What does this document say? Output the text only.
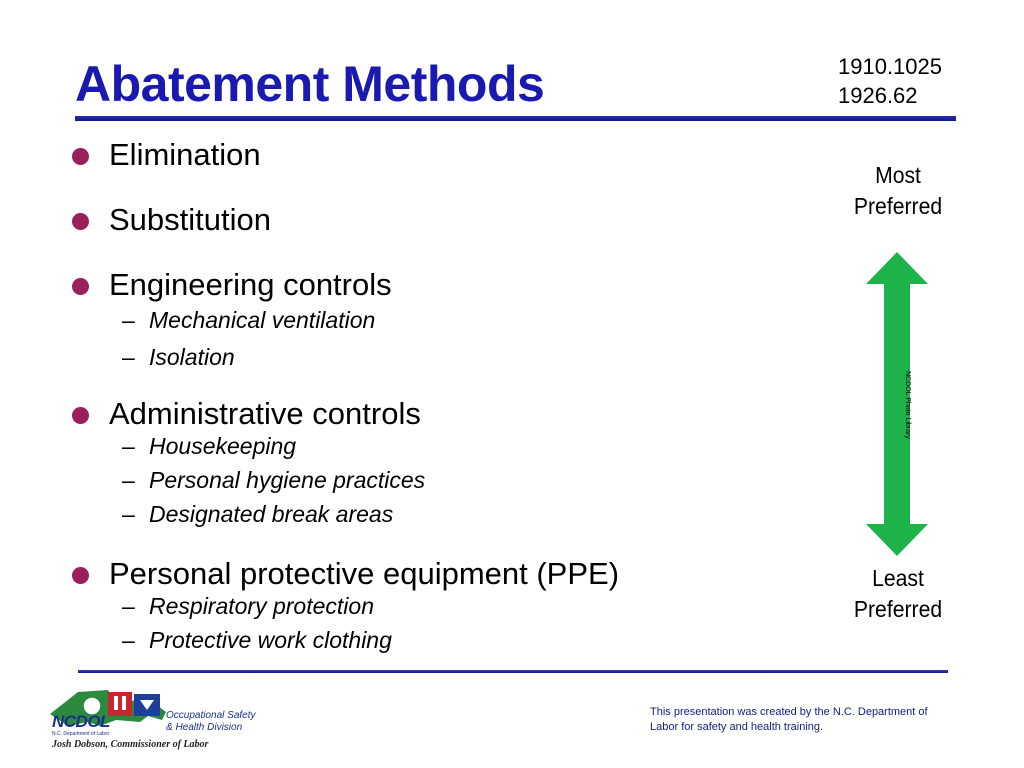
Abatement Methods	1910.1025
1926.62
Elimination
Substitution
Engineering controls
– Mechanical ventilation
– Isolation
Administrative controls
– Housekeeping
– Personal hygiene practices
– Designated break areas
Personal protective equipment (PPE)
– Respiratory protection
– Protective work clothing
Most
Preferred
NCDOL Photo Library
Least
Preferred
NCDOL
N.C. Department of Labor
Occupational Safety
& Health Division
Josh Dobson, Commissioner of Labor
This presentation was created by the N.C. Department of Labor for safety and health training.
